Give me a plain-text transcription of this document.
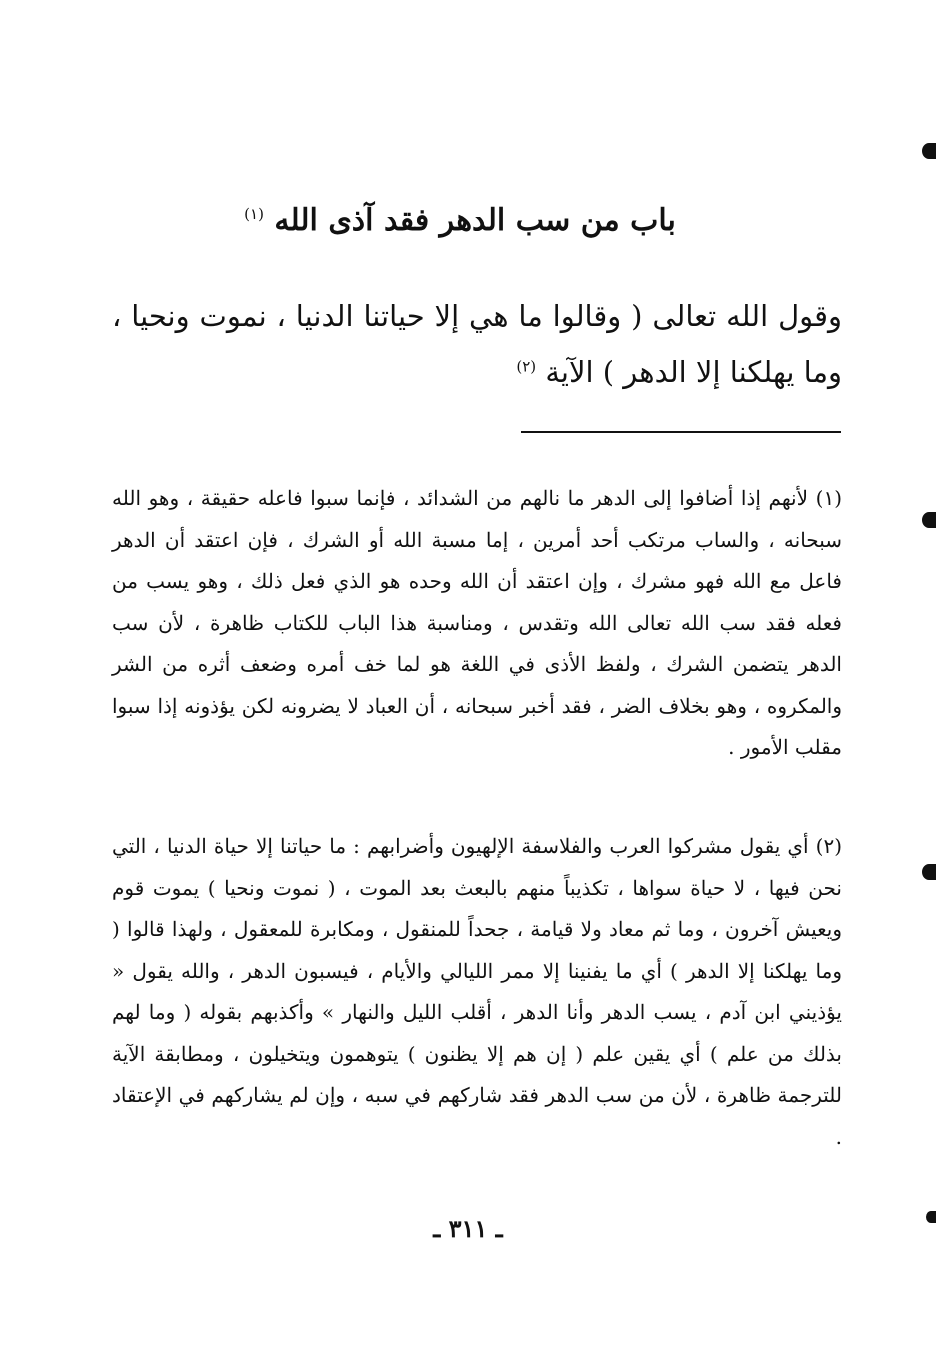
باب من سب الدهر فقد آذى الله $^{(١)}$
وقول الله تعالى ( وقالوا ما هي إلا حياتنا الدنيا ، نموت ونحيا ، وما يهلكنا إلا الدهر ) الآية $^{(٢)}$
(١) لأنهم إذا أضافوا إلى الدهر ما نالهم من الشدائد ، فإنما سبوا فاعله حقيقة ، وهو الله سبحانه ، والساب مرتكب أحد أمرين ، إما مسبة الله أو الشرك ، فإن اعتقد أن الدهر فاعل مع الله فهو مشرك ، وإن اعتقد أن الله وحده هو الذي فعل ذلك ، وهو يسب من فعله فقد سب الله تعالى الله وتقدس ، ومناسبة هذا الباب للكتاب ظاهرة ، لأن سب الدهر يتضمن الشرك ، ولفظ الأذى في اللغة هو لما خف أمره وضعف أثره من الشر والمكروه ، وهو بخلاف الضر ، فقد أخبر سبحانه ، أن العباد لا يضرونه لكن يؤذونه إذا سبوا مقلب الأمور .
(٢) أي يقول مشركوا العرب والفلاسفة الإلهيون وأضرابهم : ما حياتنا إلا حياة الدنيا ، التي نحن فيها ، لا حياة سواها ، تكذيباً منهم بالبعث بعد الموت ، ( نموت ونحيا ) يموت قوم ويعيش آخرون ، وما ثم معاد ولا قيامة ، جحداً للمنقول ، ومكابرة للمعقول ، ولهذا قالوا ( وما يهلكنا إلا الدهر ) أي ما يفنينا إلا ممر الليالي والأيام ، فيسبون الدهر ، والله يقول « يؤذيني ابن آدم ، يسب الدهر وأنا الدهر ، أقلب الليل والنهار » وأكذبهم بقوله ( وما لهم بذلك من علم ) أي يقين علم ( إن هم إلا يظنون ) يتوهمون ويتخيلون ، ومطابقة الآية للترجمة ظاهرة ، لأن من سب الدهر فقد شاركهم في سبه ، وإن لم يشاركهم في الإعتقاد .
ـ ٣١١ ـ
